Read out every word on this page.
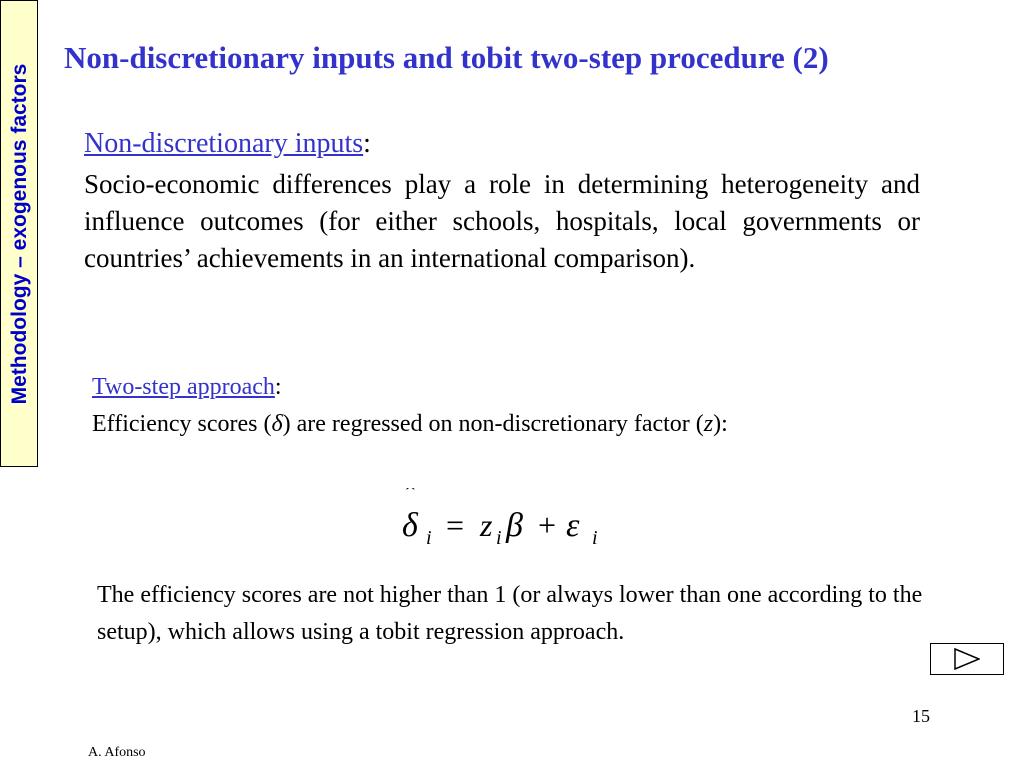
Methodology – exogenous factors
Non-discretionary inputs and tobit two-step procedure (2)
Non-discretionary inputs:
Socio-economic differences play a role in determining heterogeneity and influence outcomes (for either schools, hospitals, local governments or countries’ achievements in an international comparison).
Two-step approach:
Efficiency scores (δ) are regressed on non-discretionary factor (z):
ˆ
δ i = z i β + ε i
The efficiency scores are not higher than 1 (or always lower than one according to the setup), which allows using a tobit regression approach.
15
A. Afonso
